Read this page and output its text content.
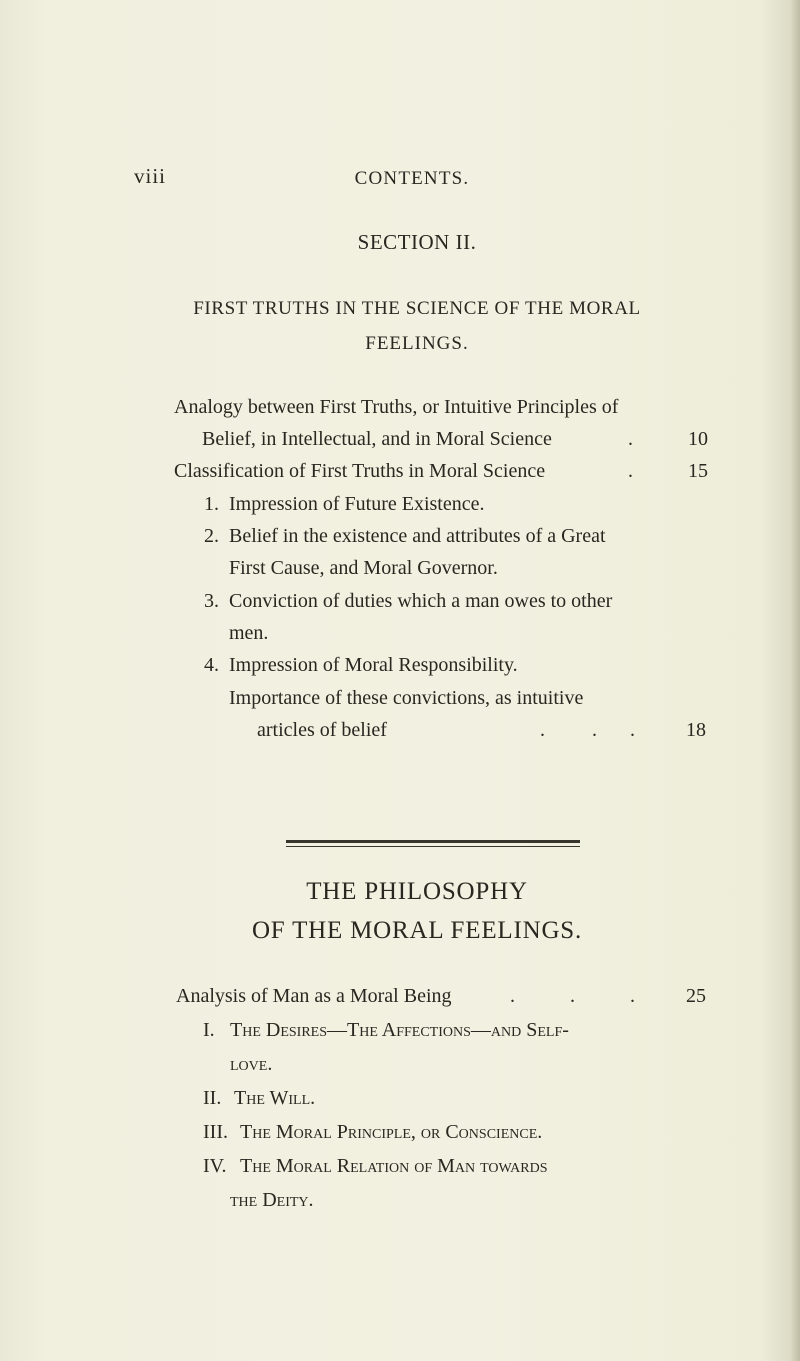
viii	CONTENTS.
SECTION II.
FIRST TRUTHS IN THE SCIENCE OF THE MORAL
FEELINGS.
Analogy between First Truths, or Intuitive Principles of
Belief, in Intellectual, and in Moral Science	.	10
Classification of First Truths in Moral Science	.	15
1. Impression of Future Existence.
2. Belief in the existence and attributes of a Great
First Cause, and Moral Governor.
3. Conviction of duties which a man owes to other
men.
4. Impression of Moral Responsibility.
Importance of these convictions, as intuitive
articles of belief	. . .	18
THE PHILOSOPHY
OF THE MORAL FEELINGS.
Analysis of Man as a Moral Being	.	.	.	25
I. The Desires—The Affections—and Self-
love.
II. The Will.
III. The Moral Principle, or Conscience.
IV. The Moral Relation of Man towards
the Deity.
